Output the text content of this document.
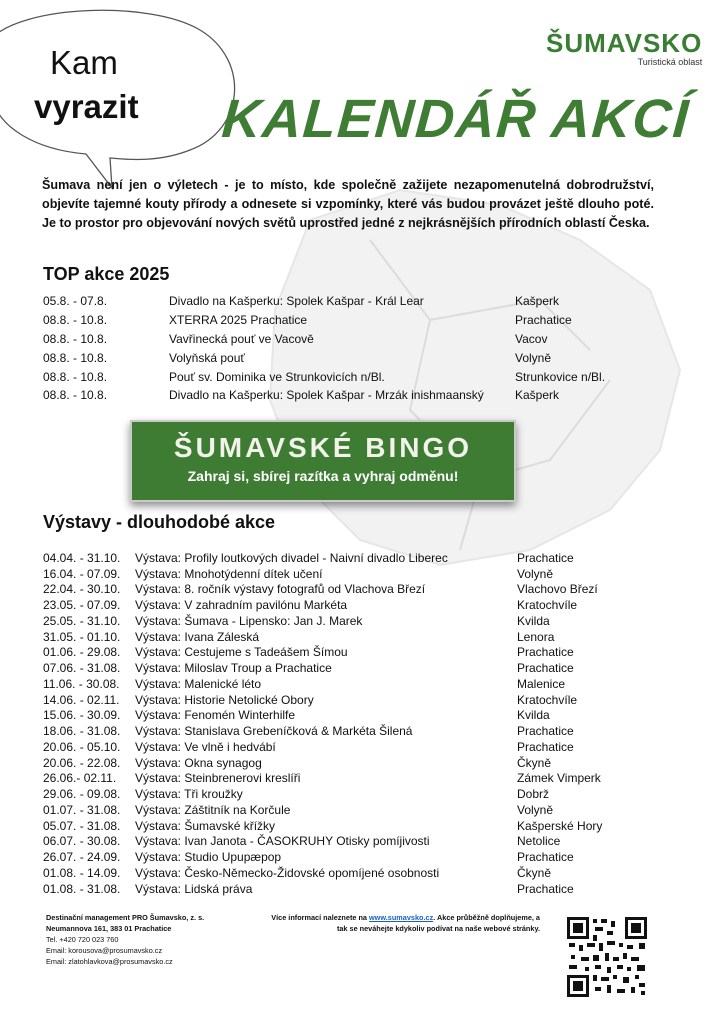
Kam
vyrazit
ŠUMAVSKO
Turistická oblast
KALENDÁŘ AKCÍ
Šumava není jen o výletech - je to místo, kde společně zažijete nezapomenutelná dobrodružství, objevíte tajemné kouty přírody a odnesete si vzpomínky, které vás budou provázet ještě dlouho poté. Je to prostor pro objevování nových světů uprostřed jedné z nejkrásnějších přírodních oblastí Česka.
TOP akce 2025
05.8. - 07.8.	Divadlo na Kašperku: Spolek Kašpar - Král Lear	Kašperk
08.8. - 10.8.	XTERRA 2025 Prachatice	Prachatice
08.8. - 10.8.	Vavřinecká pouť ve Vacově	Vacov
08.8. - 10.8.	Volyňská pouť	Volyně
08.8. - 10.8.	Pouť sv. Dominika ve Strunkovicích n/Bl.	Strunkovice n/Bl.
08.8. - 10.8.	Divadlo na Kašperku: Spolek Kašpar - Mrzák inishmaanský	Kašperk
ŠUMAVSKÉ BINGO
Zahraj si, sbírej razítka a vyhraj odměnu!
Výstavy - dlouhodobé akce
04.04. - 31.10.	Výstava: Profily loutkových divadel - Naivní divadlo Liberec	Prachatice
16.04. - 07.09.	Výstava: Mnohotýdenní dítek učení	Volyně
22.04. - 30.10.	Výstava: 8. ročník výstavy fotografů od Vlachova Březí	Vlachovo Březí
23.05. - 07.09.	Výstava: V zahradním pavilónu Markéta	Kratochvíle
25.05. - 31.10.	Výstava: Šumava - Lipensko: Jan J. Marek	Kvilda
31.05. - 01.10.	Výstava: Ivana Záleská	Lenora
01.06. - 29.08.	Výstava: Cestujeme s Tadeášem Šímou	Prachatice
07.06. - 31.08.	Výstava: Miloslav Troup a Prachatice	Prachatice
11.06. - 30.08.	Výstava: Malenické léto	Malenice
14.06. - 02.11.	Výstava: Historie Netolické Obory	Kratochvíle
15.06. - 30.09.	Výstava: Fenomén Winterhilfe	Kvilda
18.06. - 31.08.	Výstava: Stanislava Grebeníčková & Markéta Šilená	Prachatice
20.06. - 05.10.	Výstava: Ve vlně i hedvábí	Prachatice
20.06. - 22.08.	Výstava: Okna synagog	Čkyně
26.06.- 02.11.	Výstava: Steinbrenerovi kreslíři	Zámek Vimperk
29.06. - 09.08.	Výstava: Tři kroužky	Dobrž
01.07. - 31.08.	Výstava: Záštitník na Korčule	Volyně
05.07. - 31.08.	Výstava: Šumavské křížky	Kašperské Hory
06.07. - 30.08.	Výstava: Ivan Janota - ČASOKRUHY Otisky pomíjivosti	Netolice
26.07. - 24.09.	Výstava: Studio Upupæpop	Prachatice
01.08. - 14.09.	Výstava: Česko-Německo-Židovské opomíjené osobnosti	Čkyně
01.08. - 31.08.	Výstava: Lidská práva	Prachatice
Destinační management PRO Šumavsko, z. s.
Neumannova 161, 383 01 Prachatice
Tel. +420 720 023 760
Email: korousova@prosumavsko.cz
Email: zlatohlavkova@prosumavsko.cz
Více informací naleznete na www.sumavsko.cz. Akce průběžně doplňujeme, a tak se neváhejte kdykoliv podívat na naše webové stránky.
